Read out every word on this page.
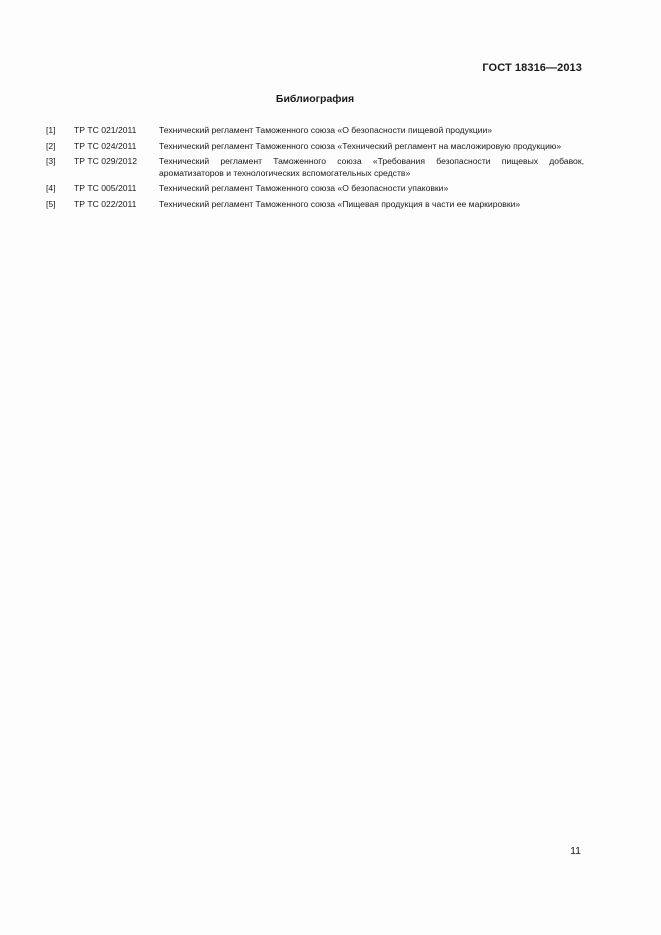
ГОСТ 18316—2013
Библиография
[1]	ТР ТС 021/2011	Технический регламент Таможенного союза «О безопасности пищевой продукции»
[2]	ТР ТС 024/2011	Технический регламент Таможенного союза «Технический регламент на масложировую продукцию»
[3]	ТР ТС 029/2012	Технический регламент Таможенного союза «Требования безопасности пищевых добавок, ароматизаторов и технологических вспомогательных средств»
[4]	ТР ТС 005/2011	Технический регламент Таможенного союза «О безопасности упаковки»
[5]	ТР ТС 022/2011	Технический регламент Таможенного союза «Пищевая продукция в части ее маркировки»
11
